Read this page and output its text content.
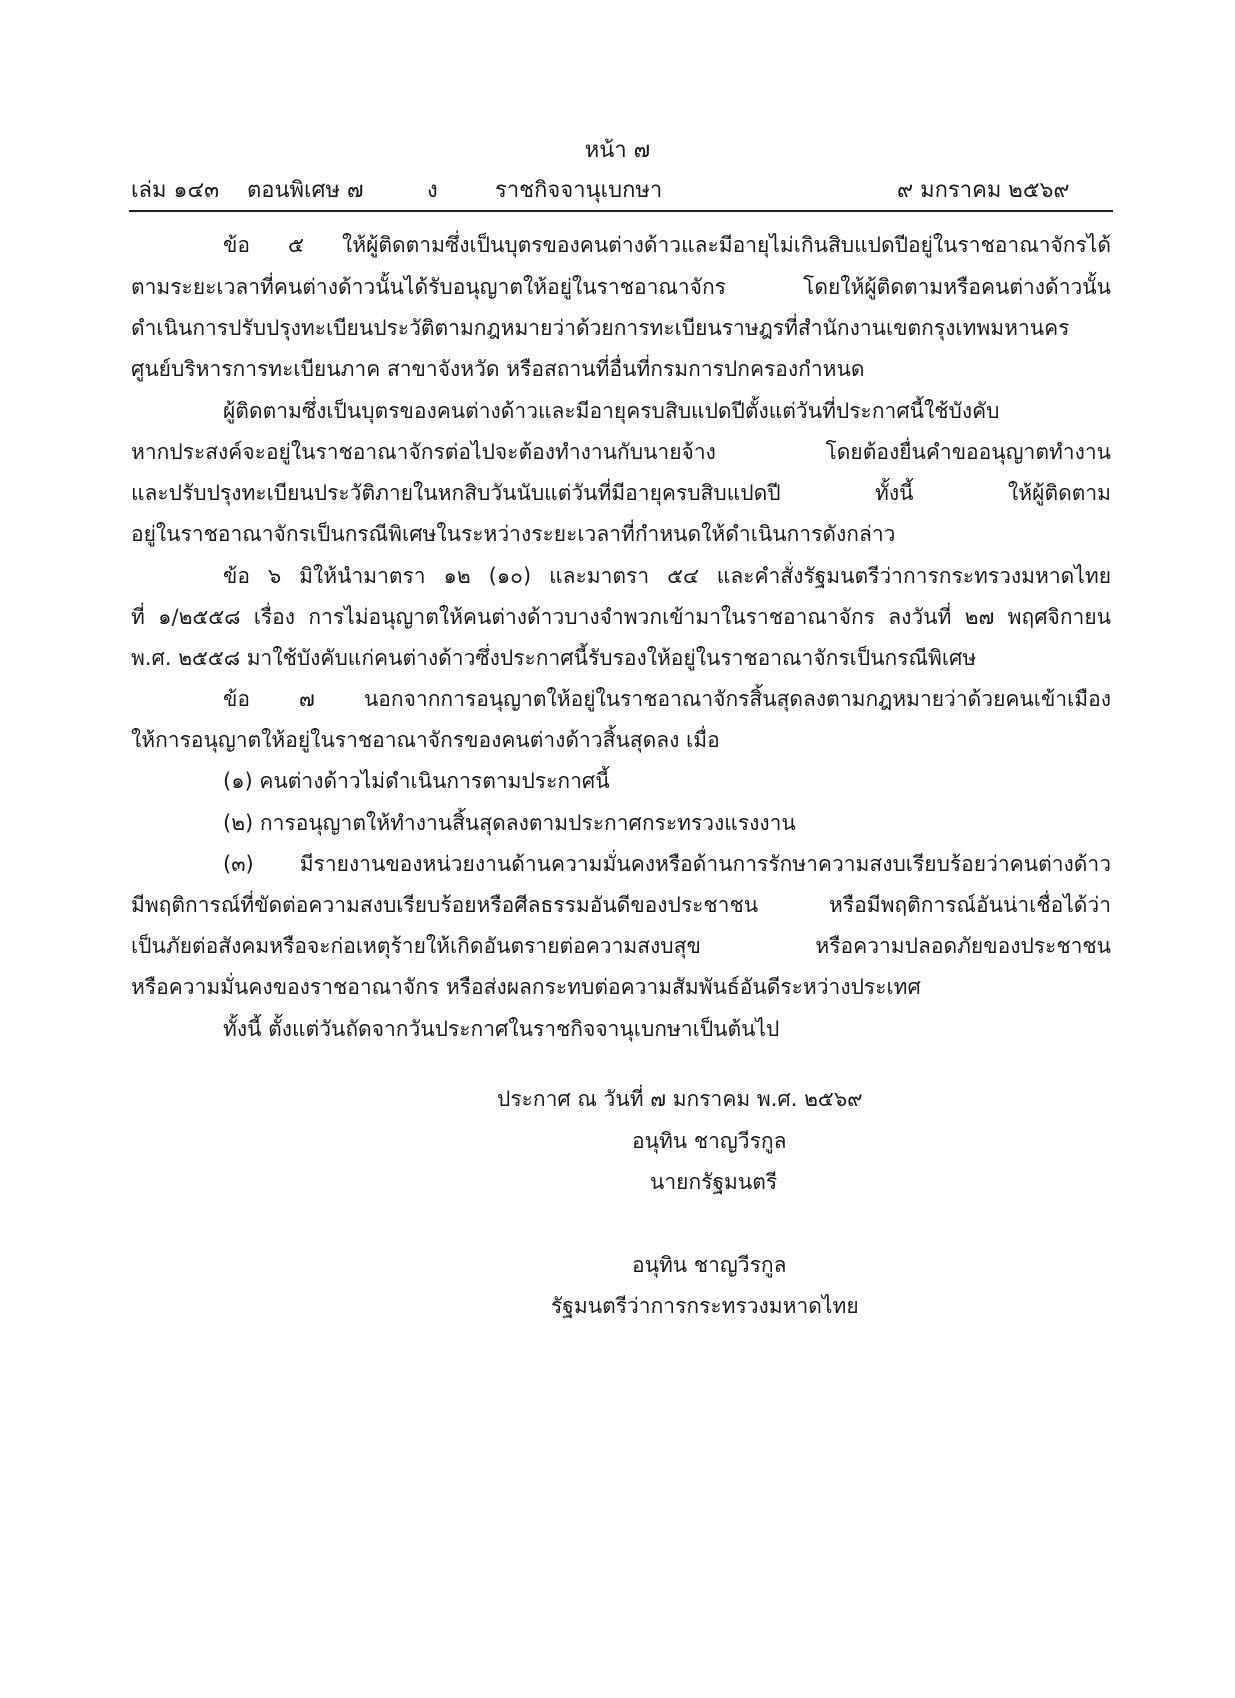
หน้า ๗
เล่ม ๑๔๓ ตอนพิเศษ ๗	ง	ราชกิจจานุเบกษา	๙ มกราคม ๒๕๖๙
ข้อ ๕ ให้ผู้ติดตามซึ่งเป็นบุตรของคนต่างด้าวและมีอายุไม่เกินสิบแปดปีอยู่ในราชอาณาจักรได้
ตามระยะเวลาที่คนต่างด้าวนั้นได้รับอนุญาตให้อยู่ในราชอาณาจักร โดยให้ผู้ติดตามหรือคนต่างด้าวนั้น
ดำเนินการปรับปรุงทะเบียนประวัติตามกฎหมายว่าด้วยการทะเบียนราษฎรที่สำนักงานเขตกรุงเทพมหานคร
ศูนย์บริหารการทะเบียนภาค สาขาจังหวัด หรือสถานที่อื่นที่กรมการปกครองกำหนด
ผู้ติดตามซึ่งเป็นบุตรของคนต่างด้าวและมีอายุครบสิบแปดปีตั้งแต่วันที่ประกาศนี้ใช้บังคับ
หากประสงค์จะอยู่ในราชอาณาจักรต่อไปจะต้องทำงานกับนายจ้าง โดยต้องยื่นคำขออนุญาตทำงาน
และปรับปรุงทะเบียนประวัติภายในหกสิบวันนับแต่วันที่มีอายุครบสิบแปดปี ทั้งนี้ ให้ผู้ติดตาม
อยู่ในราชอาณาจักรเป็นกรณีพิเศษในระหว่างระยะเวลาที่กำหนดให้ดำเนินการดังกล่าว
ข้อ ๖ มิให้นำมาตรา ๑๒ (๑๐) และมาตรา ๕๔ และคำสั่งรัฐมนตรีว่าการกระทรวงมหาดไทย
ที่ ๑/๒๕๕๘ เรื่อง การไม่อนุญาตให้คนต่างด้าวบางจำพวกเข้ามาในราชอาณาจักร ลงวันที่ ๒๗ พฤศจิกายน
พ.ศ. ๒๕๕๘ มาใช้บังคับแก่คนต่างด้าวซึ่งประกาศนี้รับรองให้อยู่ในราชอาณาจักรเป็นกรณีพิเศษ
ข้อ ๗ นอกจากการอนุญาตให้อยู่ในราชอาณาจักรสิ้นสุดลงตามกฎหมายว่าด้วยคนเข้าเมือง
ให้การอนุญาตให้อยู่ในราชอาณาจักรของคนต่างด้าวสิ้นสุดลง เมื่อ
(๑) คนต่างด้าวไม่ดำเนินการตามประกาศนี้
(๒) การอนุญาตให้ทำงานสิ้นสุดลงตามประกาศกระทรวงแรงงาน
(๓) มีรายงานของหน่วยงานด้านความมั่นคงหรือด้านการรักษาความสงบเรียบร้อยว่าคนต่างด้าว
มีพฤติการณ์ที่ขัดต่อความสงบเรียบร้อยหรือศีลธรรมอันดีของประชาชน หรือมีพฤติการณ์อันน่าเชื่อได้ว่า
เป็นภัยต่อสังคมหรือจะก่อเหตุร้ายให้เกิดอันตรายต่อความสงบสุข หรือความปลอดภัยของประชาชน
หรือความมั่นคงของราชอาณาจักร หรือส่งผลกระทบต่อความสัมพันธ์อันดีระหว่างประเทศ
ทั้งนี้ ตั้งแต่วันถัดจากวันประกาศในราชกิจจานุเบกษาเป็นต้นไป
ประกาศ ณ วันที่ ๗ มกราคม พ.ศ. ๒๕๖๙
อนุทิน ชาญวีรกูล
นายกรัฐมนตรี
อนุทิน ชาญวีรกูล
รัฐมนตรีว่าการกระทรวงมหาดไทย
